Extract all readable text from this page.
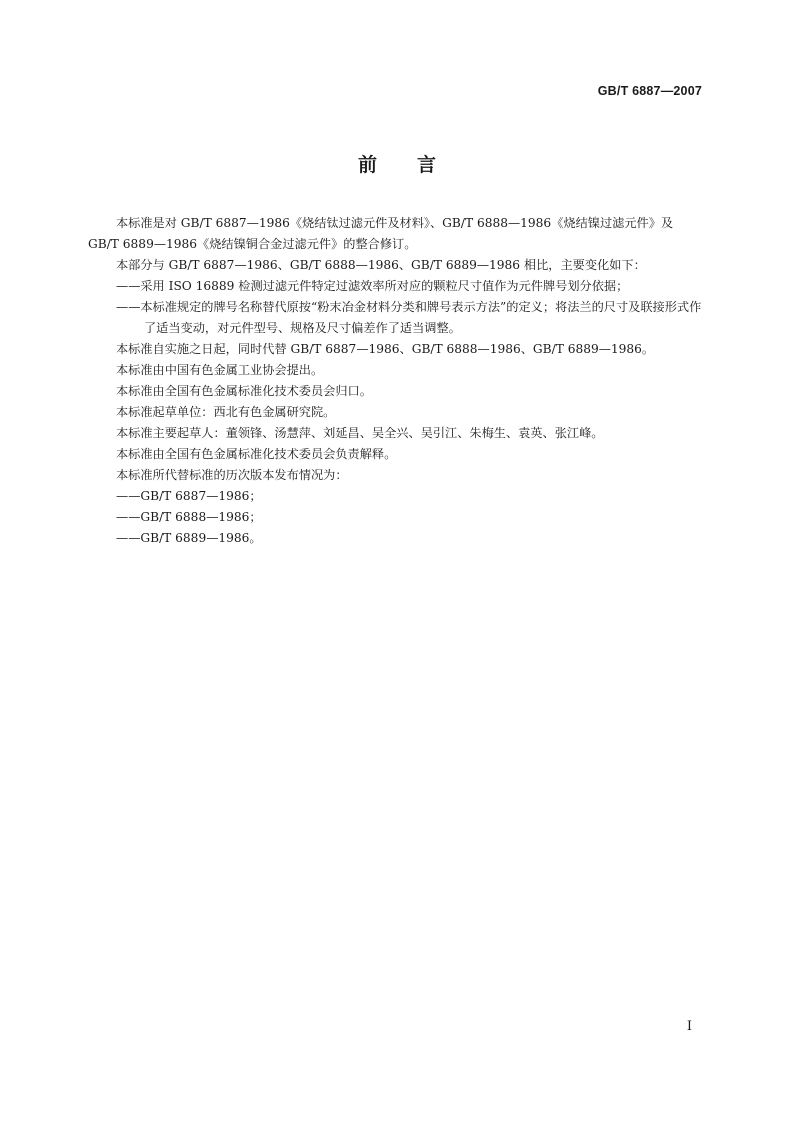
GB/T 6887—2007
前 言

本标准是对 GB/T 6887—1986《烧结钛过滤元件及材料》、GB/T 6888—1986《烧结镍过滤元件》及 GB/T 6889—1986《烧结镍铜合金过滤元件》的整合修订。

本部分与 GB/T 6887—1986、GB/T 6888—1986、GB/T 6889—1986 相比，主要变化如下：

——采用 ISO 16889 检测过滤元件特定过滤效率所对应的颗粒尺寸值作为元件牌号划分依据；

——本标准规定的牌号名称替代原按“粉末冶金材料分类和牌号表示方法”的定义；将法兰的尺寸及联接形式作了适当变动，对元件型号、规格及尺寸偏差作了适当调整。

本标准自实施之日起，同时代替 GB/T 6887—1986、GB/T 6888—1986、GB/T 6889—1986。

本标准由中国有色金属工业协会提出。

本标准由全国有色金属标准化技术委员会归口。

本标准起草单位：西北有色金属研究院。

本标准主要起草人：董领锋、汤慧萍、刘延昌、吴全兴、吴引江、朱梅生、袁英、张江峰。

本标准由全国有色金属标准化技术委员会负责解释。

本标准所代替标准的历次版本发布情况为：

——GB/T 6887—1986；

——GB/T 6888—1986；

——GB/T 6889—1986。

I
